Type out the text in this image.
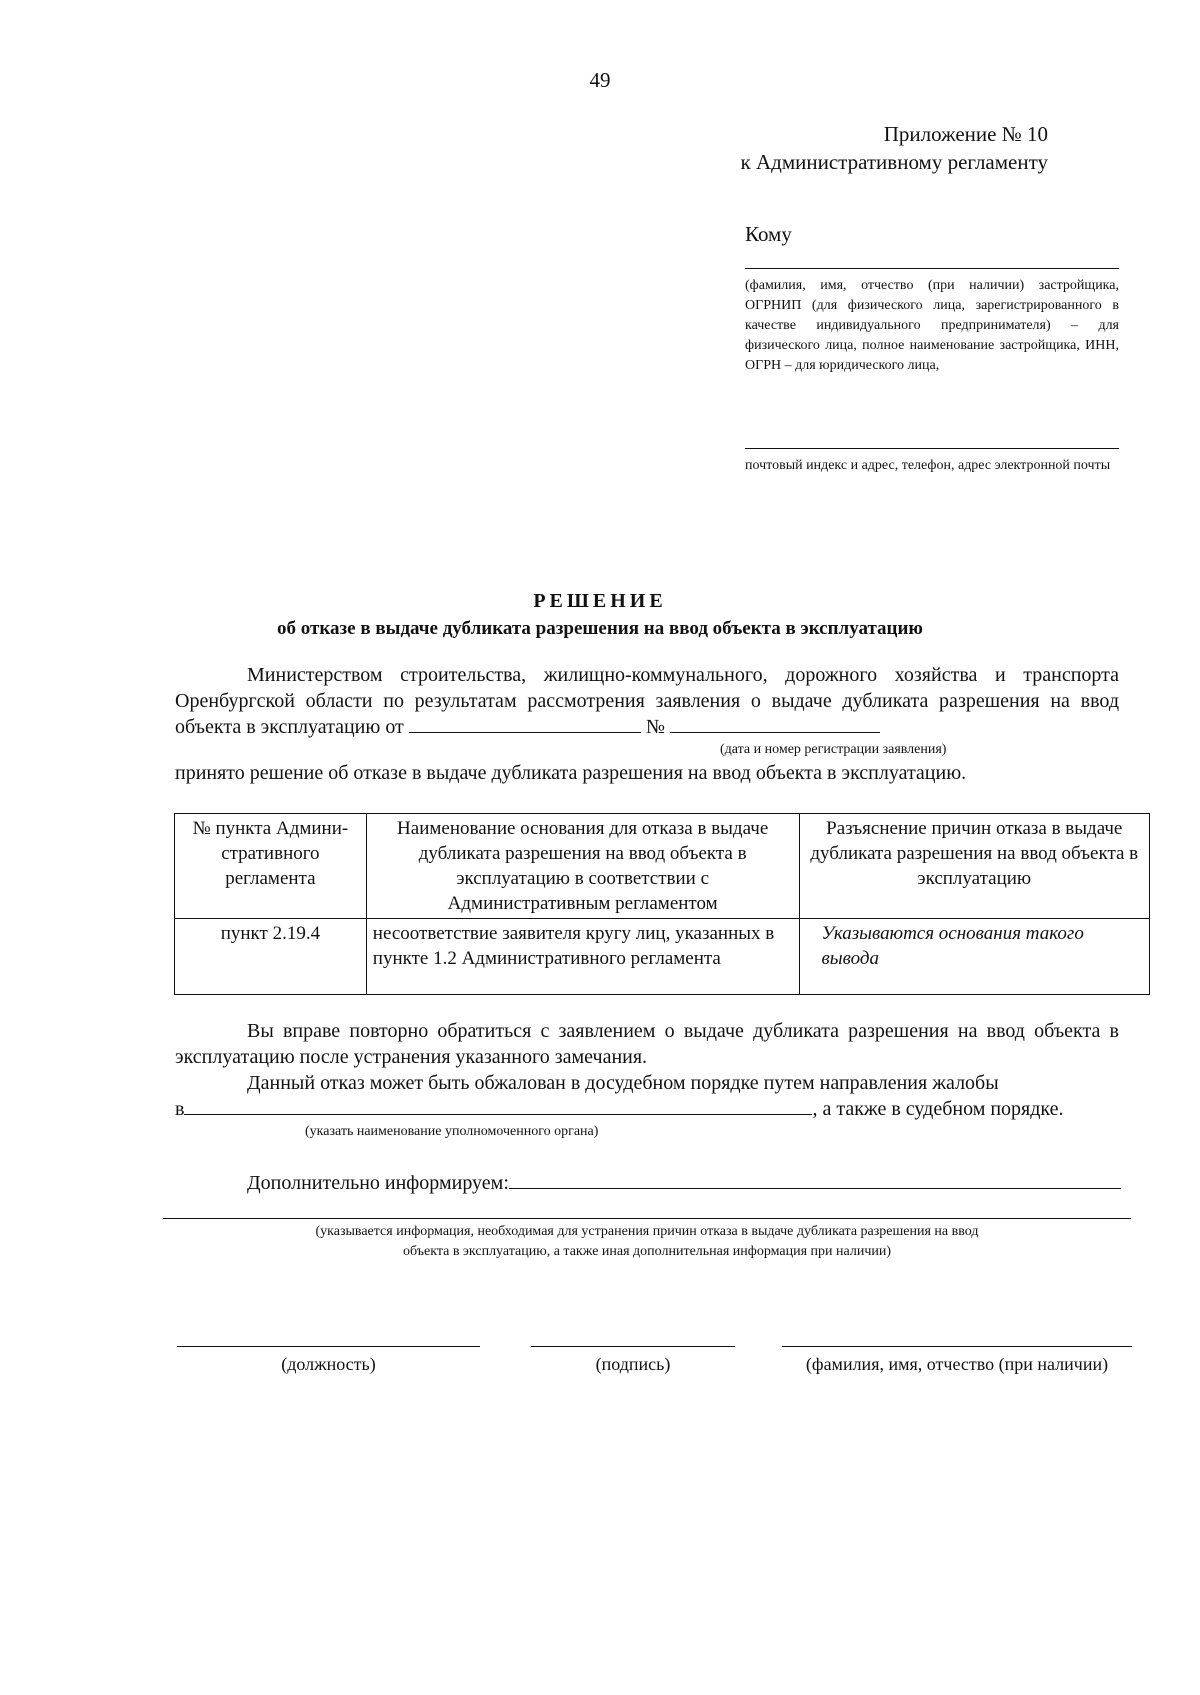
49
Приложение № 10
к Административному регламенту
Кому
(фамилия, имя, отчество (при наличии) застройщика, ОГРНИП (для физического лица, зарегистрированного в качестве индивидуального предпринимателя) – для физического лица, полное наименование застройщика, ИНН, ОГРН – для юридического лица,
почтовый индекс и адрес, телефон, адрес электронной почты
РЕШЕНИЕ
об отказе в выдаче дубликата разрешения на ввод объекта в эксплуатацию
Министерством строительства, жилищно-коммунального, дорожного хозяйства и транспорта Оренбургской области по результатам рассмотрения заявления о выдаче дубликата разрешения на ввод объекта в эксплуатацию от	№
(дата и номер регистрации заявления)
принято решение об отказе в выдаче дубликата разрешения на ввод объекта в эксплуатацию.
№ пункта Админи-стративного регламента	Наименование основания для отказа в выдаче дубликата разрешения на ввод объекта в эксплуатацию в соответствии с Административным регламентом	Разъяснение причин отказа в выдаче дубликата разрешения на ввод объекта в эксплуатацию
пункт 2.19.4	несоответствие заявителя кругу лиц, указанных в пункте 1.2 Административного регламента	Указываются основания такого вывода
Вы вправе повторно обратиться с заявлением о выдаче дубликата разрешения на ввод объекта в эксплуатацию после устранения указанного замечания.
Данный отказ может быть обжалован в досудебном порядке путем направления жалобы
в	, а также в судебном порядке.
(указать наименование уполномоченного органа)
Дополнительно информируем:
(указывается информация, необходимая для устранения причин отказа в выдаче дубликата разрешения на ввод
объекта в эксплуатацию, а также иная дополнительная информация при наличии)
(должность)	(подпись)	(фамилия, имя, отчество (при наличии)
